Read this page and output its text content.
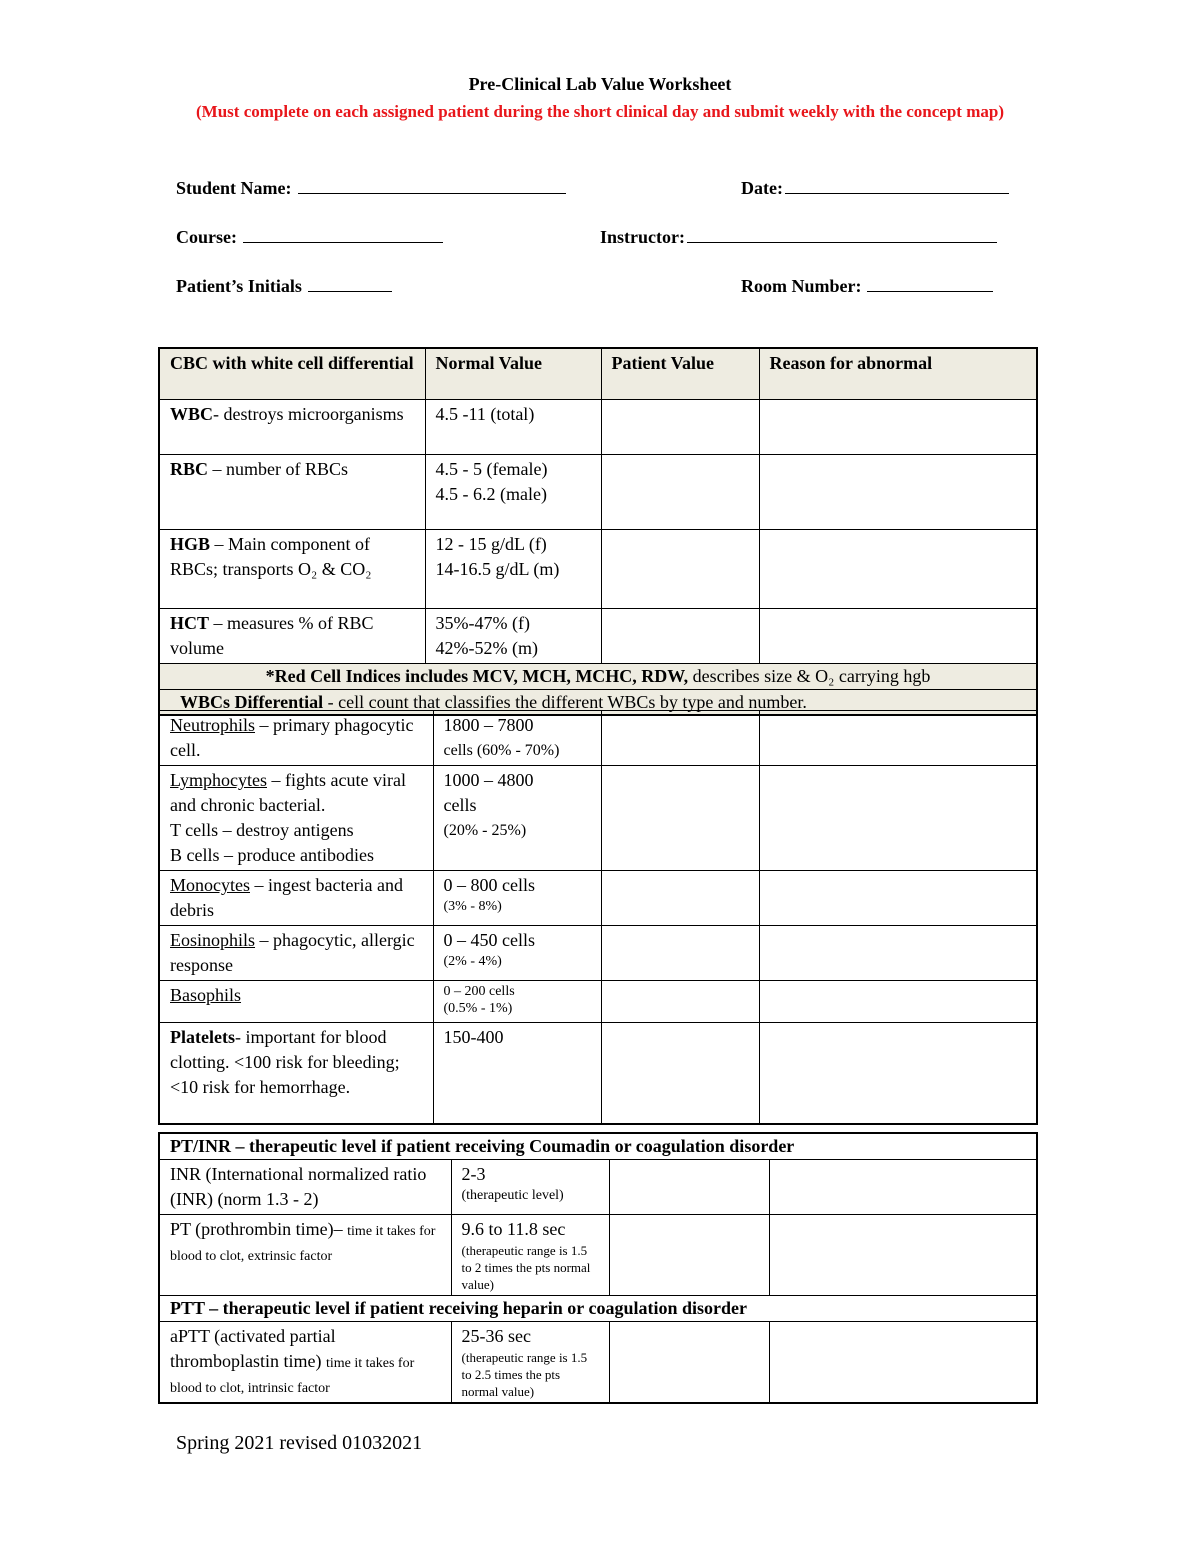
Pre-Clinical Lab Value Worksheet
(Must complete on each assigned patient during the short clinical day and submit weekly with the concept map)
Student Name:	Date:
Course:	Instructor:
Patient’s Initials	Room Number:
CBC with white cell differential	Normal Value	Patient Value	Reason for abnormal
WBC- destroys microorganisms	4.5 -11 (total)		
RBC – number of RBCs	4.5 - 5 (female)
4.5 - 6.2 (male)		

HGB – Main component of RBCs; transports O₂ & CO₂	12 - 15 g/dL (f)
14-16.5 g/dL (m)		

HCT – measures % of RBC volume	35%-47% (f)
42%-52% (m)		

*Red Cell Indices includes MCV, MCH, MCHC, RDW, describes size & O₂ carrying hgb			
WBCs Differential - cell count that classifies the different WBCs by type and number.			
Neutrophils – primary phagocytic cell.	1800 – 7800
cells (60% - 70%)		

Lymphocytes – fights acute viral and chronic bacterial.
T cells – destroy antigens
B cells – produce antibodies	1000 – 4800
cells
(20% - 25%)		

Monocytes – ingest bacteria and debris	0 – 800 cells
(3% - 8%)		

Eosinophils – phagocytic, allergic response	0 – 450 cells
(2% - 4%)		

Basophils	0 – 200 cells
(0.5% - 1%)		

Platelets- important for blood clotting. <100 risk for bleeding; <10 risk for hemorrhage.	150-400		
PT/INR – therapeutic level if patient receiving Coumadin or coagulation disorder			
INR (International normalized ratio (INR) (norm 1.3 - 2)	2-3
(therapeutic level)		

PT (prothrombin time)– time it takes for blood to clot, extrinsic factor	9.6 to 11.8 sec
(therapeutic range is 1.5 to 2 times the pts normal value)		

PTT – therapeutic level if patient receiving heparin or coagulation disorder			
aPTT (activated partial thromboplastin time) time it takes for blood to clot, intrinsic factor	25-36 sec
(therapeutic range is 1.5 to 2.5 times the pts normal value)		

Spring 2021 revised 01032021
